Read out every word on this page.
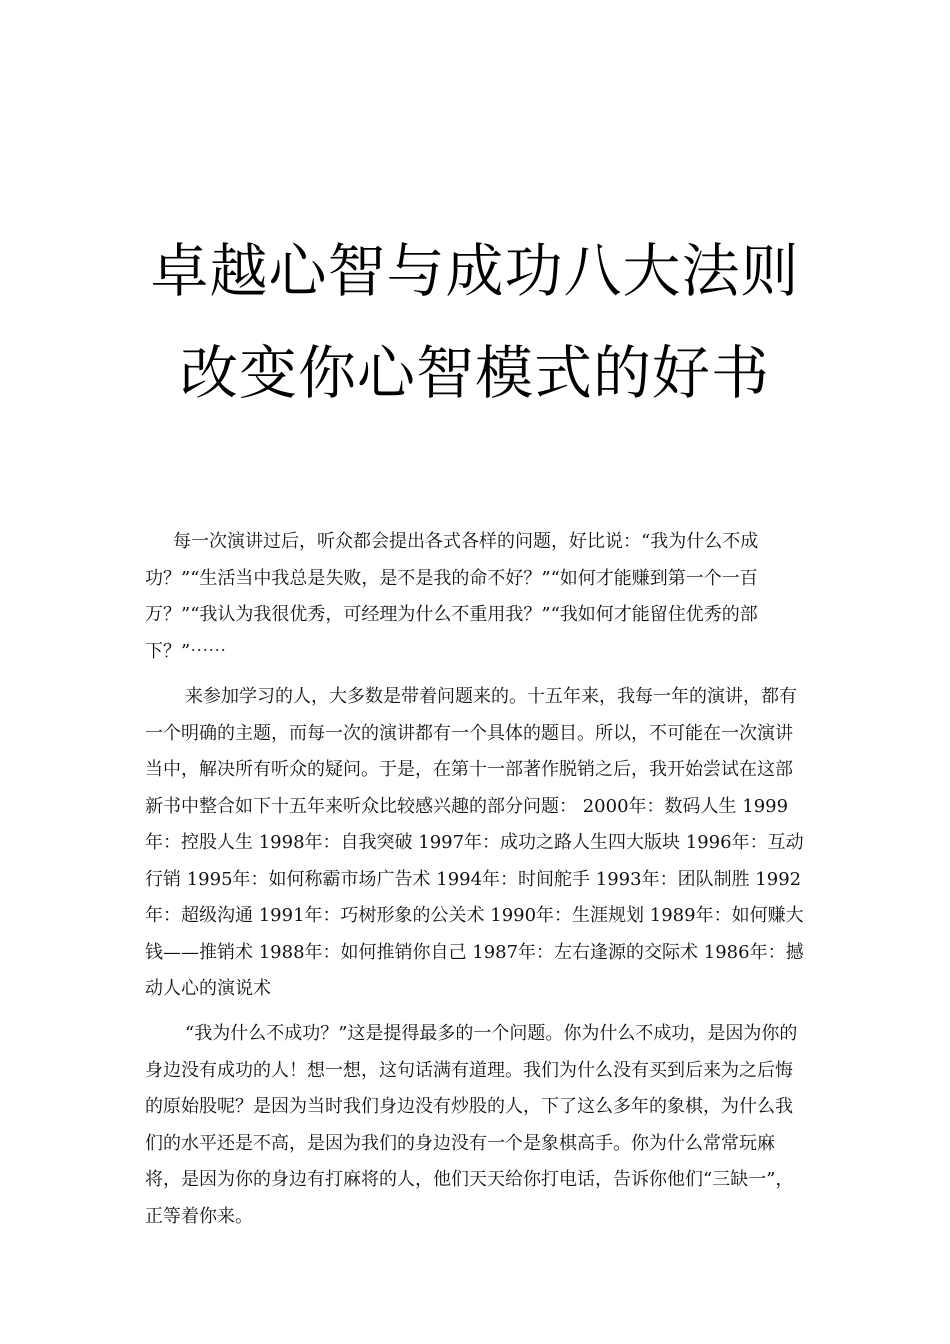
卓越心智与成功八大法则
改变你心智模式的好书

每一次演讲过后，听众都会提出各式各样的问题，好比说：“我为什么不成功？”“生活当中我总是失败，是不是我的命不好？”“如何才能赚到第一个一百万？”“我认为我很优秀，可经理为什么不重用我？”“我如何才能留住优秀的部下？”⋯⋯

来参加学习的人，大多数是带着问题来的。十五年来，我每一年的演讲，都有一个明确的主题，而每一次的演讲都有一个具体的题目。所以，不可能在一次演讲当中，解决所有听众的疑问。于是，在第十一部著作脱销之后，我开始尝试在这部新书中整合如下十五年来听众比较感兴趣的部分问题： 2000年：数码人生 1999年：控股人生 1998年：自我突破 1997年：成功之路人生四大版块 1996年：互动行销 1995年：如何称霸市场广告术 1994年：时间舵手 1993年：团队制胜 1992年：超级沟通 1991年：巧树形象的公关术 1990年：生涯规划 1989年：如何赚大钱——推销术 1988年：如何推销你自己 1987年：左右逢源的交际术 1986年：撼动人心的演说术

“我为什么不成功？”这是提得最多的一个问题。你为什么不成功，是因为你的身边没有成功的人！想一想，这句话满有道理。我们为什么没有买到后来为之后悔的原始股呢？是因为当时我们身边没有炒股的人，下了这么多年的象棋，为什么我们的水平还是不高，是因为我们的身边没有一个是象棋高手。你为什么常常玩麻将，是因为你的身边有打麻将的人，他们天天给你打电话，告诉你他们“三缺一”，正等着你来。
